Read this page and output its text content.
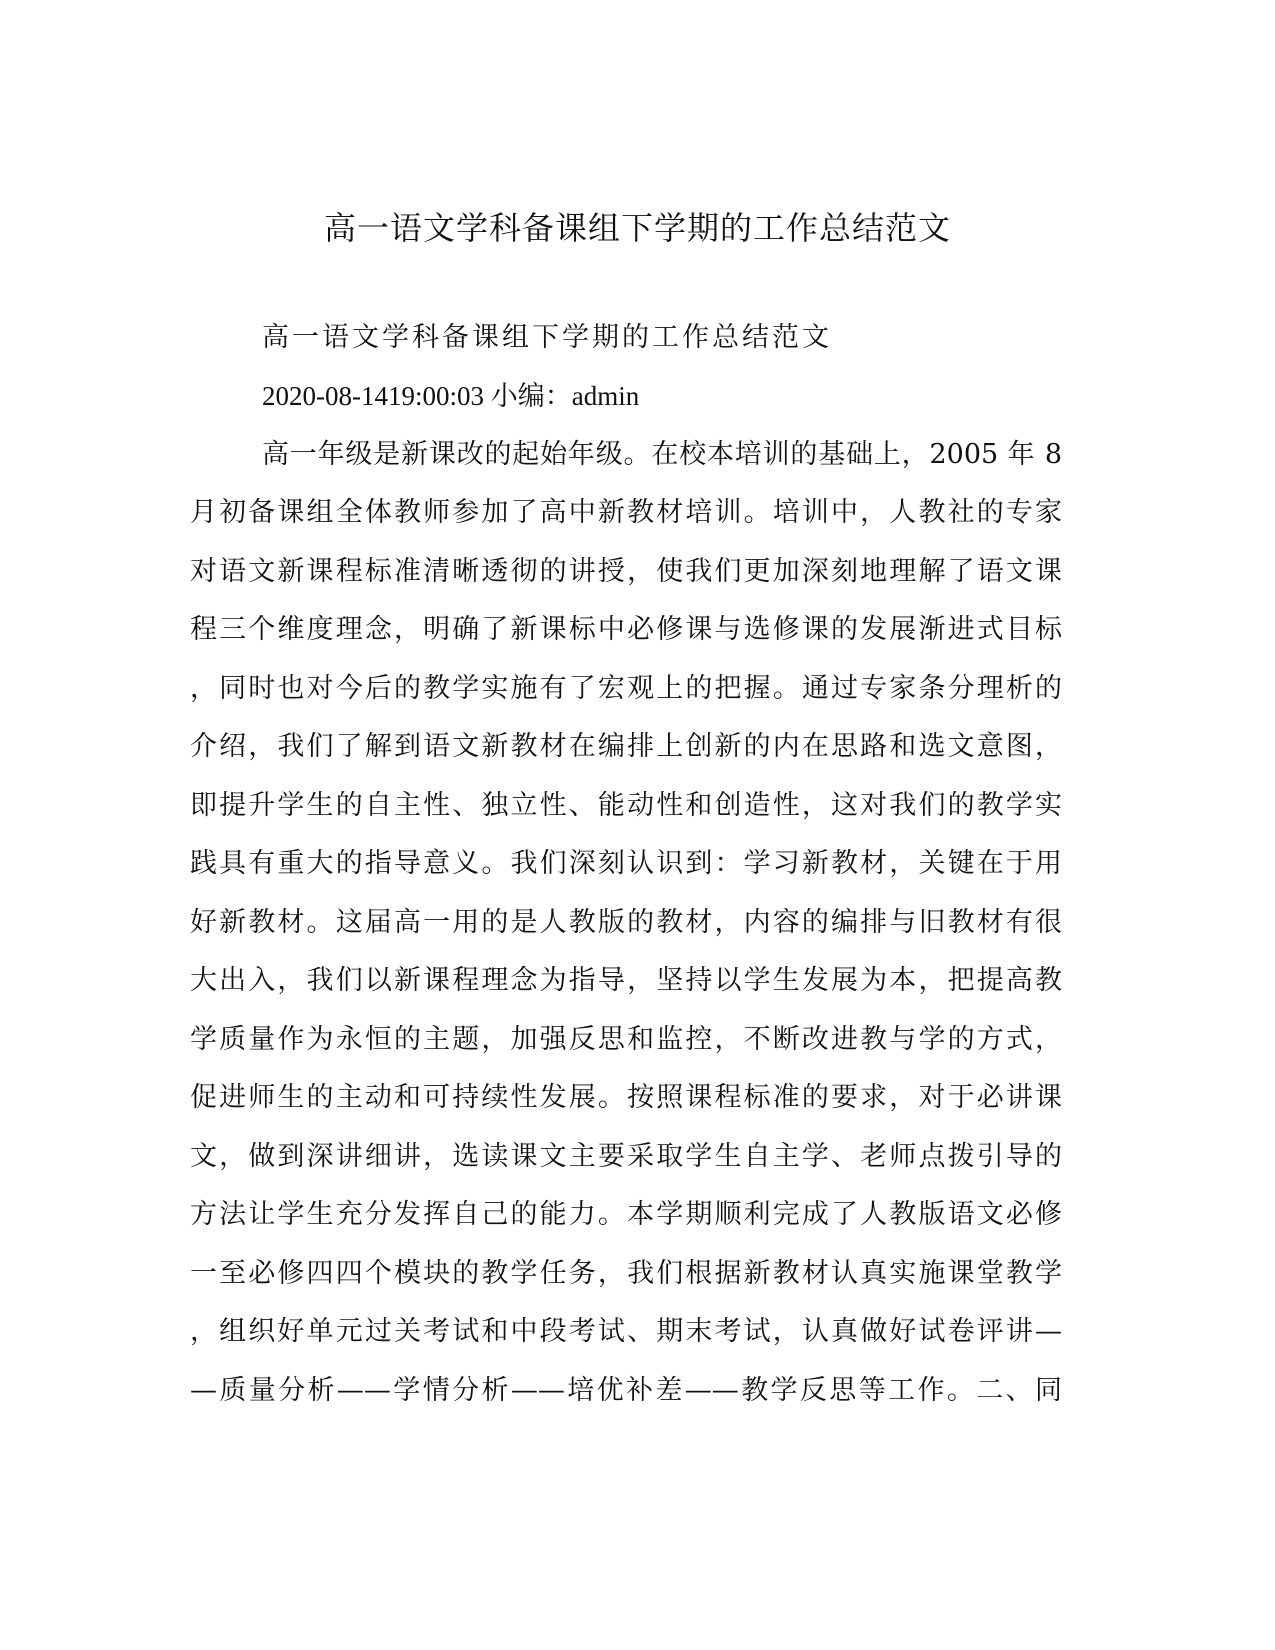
高一语文学科备课组下学期的工作总结范文

高一语文学科备课组下学期的工作总结范文

2020-08-1419:00:03 小编：admin

高一年级是新课改的起始年级。在校本培训的基础上，2005 年 8

月初备课组全体教师参加了高中新教材培训。培训中，人教社的专家

对语文新课程标准清晰透彻的讲授，使我们更加深刻地理解了语文课

程三个维度理念，明确了新课标中必修课与选修课的发展渐进式目标

，同时也对今后的教学实施有了宏观上的把握。通过专家条分理析的

介绍，我们了解到语文新教材在编排上创新的内在思路和选文意图，

即提升学生的自主性、独立性、能动性和创造性，这对我们的教学实

践具有重大的指导意义。我们深刻认识到：学习新教材，关键在于用

好新教材。这届高一用的是人教版的教材，内容的编排与旧教材有很

大出入，我们以新课程理念为指导，坚持以学生发展为本，把提高教

学质量作为永恒的主题，加强反思和监控，不断改进教与学的方式，

促进师生的主动和可持续性发展。按照课程标准的要求，对于必讲课

文，做到深讲细讲，选读课文主要采取学生自主学、老师点拨引导的

方法让学生充分发挥自己的能力。本学期顺利完成了人教版语文必修

一至必修四四个模块的教学任务，我们根据新教材认真实施课堂教学

，组织好单元过关考试和中段考试、期末考试，认真做好试卷评讲—

—质量分析——学情分析——培优补差——教学反思等工作。二、同
